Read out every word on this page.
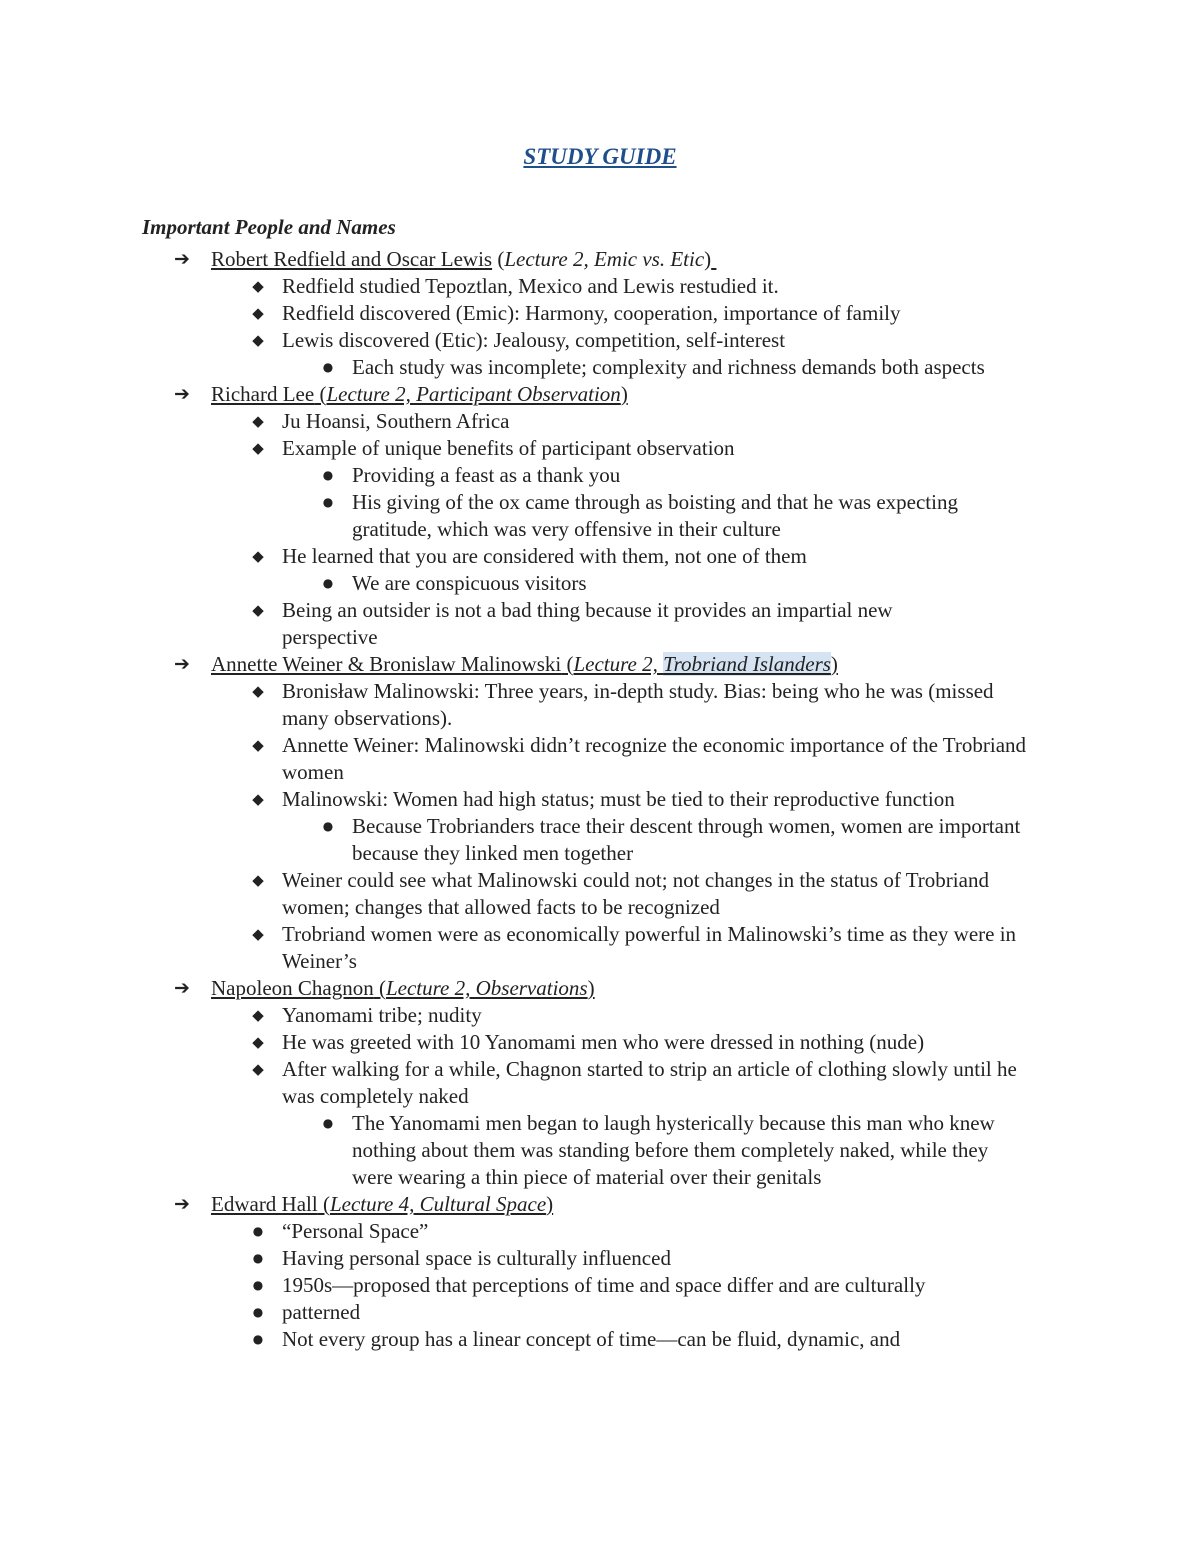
STUDY GUIDE
Important People and Names
➔ Robert Redfield and Oscar Lewis (Lecture 2, Emic vs. Etic)
◆ Redfield studied Tepoztlan, Mexico and Lewis restudied it.
◆ Redfield discovered (Emic): Harmony, cooperation, importance of family
◆ Lewis discovered (Etic): Jealousy, competition, self-interest
● Each study was incomplete; complexity and richness demands both aspects
➔ Richard Lee (Lecture 2, Participant Observation)
◆ Ju Hoansi, Southern Africa
◆ Example of unique benefits of participant observation
● Providing a feast as a thank you
● His giving of the ox came through as boisting and that he was expecting gratitude, which was very offensive in their culture
◆ He learned that you are considered with them, not one of them
● We are conspicuous visitors
◆ Being an outsider is not a bad thing because it provides an impartial new perspective
➔ Annette Weiner & Bronislaw Malinowski (Lecture 2, Trobriand Islanders)
◆ Bronisław Malinowski: Three years, in-depth study. Bias: being who he was (missed many observations).
◆ Annette Weiner: Malinowski didn’t recognize the economic importance of the Trobriand women
◆ Malinowski: Women had high status; must be tied to their reproductive function
● Because Trobrianders trace their descent through women, women are important because they linked men together
◆ Weiner could see what Malinowski could not; not changes in the status of Trobriand women; changes that allowed facts to be recognized
◆ Trobriand women were as economically powerful in Malinowski’s time as they were in Weiner’s
➔ Napoleon Chagnon (Lecture 2, Observations)
◆ Yanomami tribe; nudity
◆ He was greeted with 10 Yanomami men who were dressed in nothing (nude)
◆ After walking for a while, Chagnon started to strip an article of clothing slowly until he was completely naked
● The Yanomami men began to laugh hysterically because this man who knew nothing about them was standing before them completely naked, while they were wearing a thin piece of material over their genitals
➔ Edward Hall (Lecture 4, Cultural Space)
● “Personal Space”
● Having personal space is culturally influenced
● 1950s—proposed that perceptions of time and space differ and are culturally
● patterned
● Not every group has a linear concept of time—can be fluid, dynamic, and
